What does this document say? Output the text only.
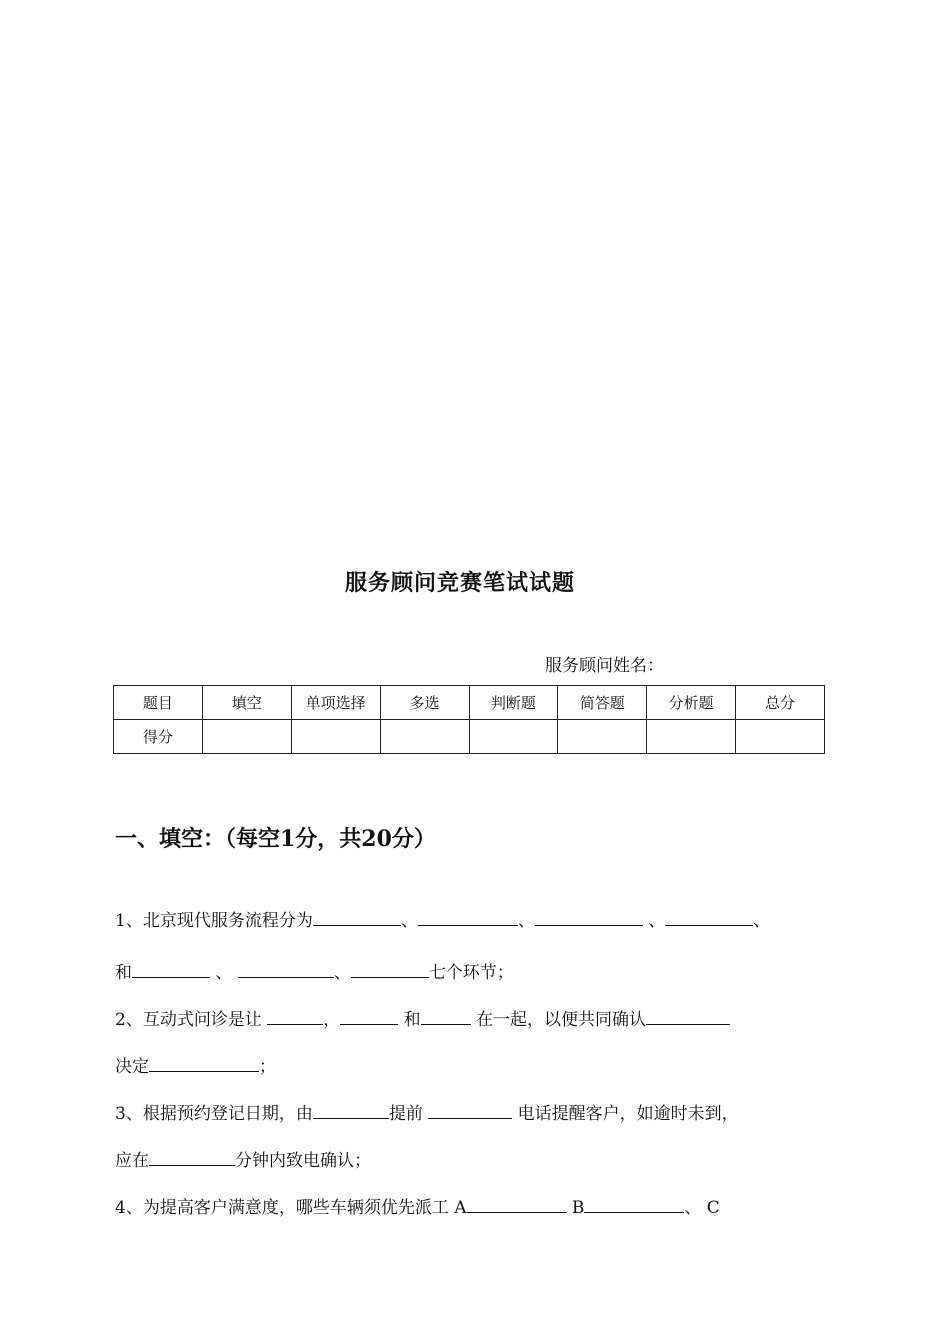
服务顾问竞赛笔试试题
服务顾问姓名：
题目	填空	单项选择	多选	判断题	简答题	分析题	总分
得分							
一、填空：（每空1分，共20分）
1、北京现代服务流程分为	、	、	、	、
和	、	、	七个环节；
2、互动式问诊是让	，	和	在一起，以便共同确认
决定	；
3、根据预约登记日期，由	提前	电话提醒客户，如逾时未到，
应在	分钟内致电确认；
4、为提高客户满意度，哪些车辆须优先派工 A	B	、 C
